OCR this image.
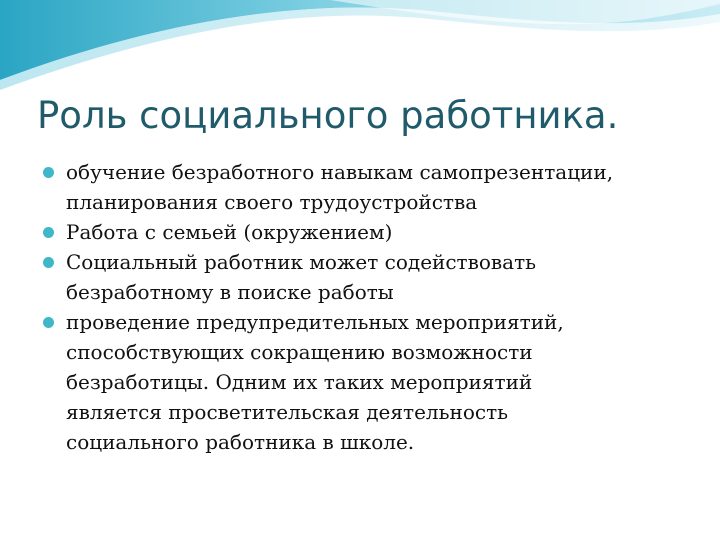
Роль социального работника.
обучение безработного навыкам самопрезентации,
планирования своего трудоустройства
Работа с семьей (окружением)
Социальный работник может содействовать
безработному в поиске работы
проведение предупредительных мероприятий,
способствующих сокращению возможности
безработицы. Одним их таких мероприятий
является просветительская деятельность
социального работника в школе.
